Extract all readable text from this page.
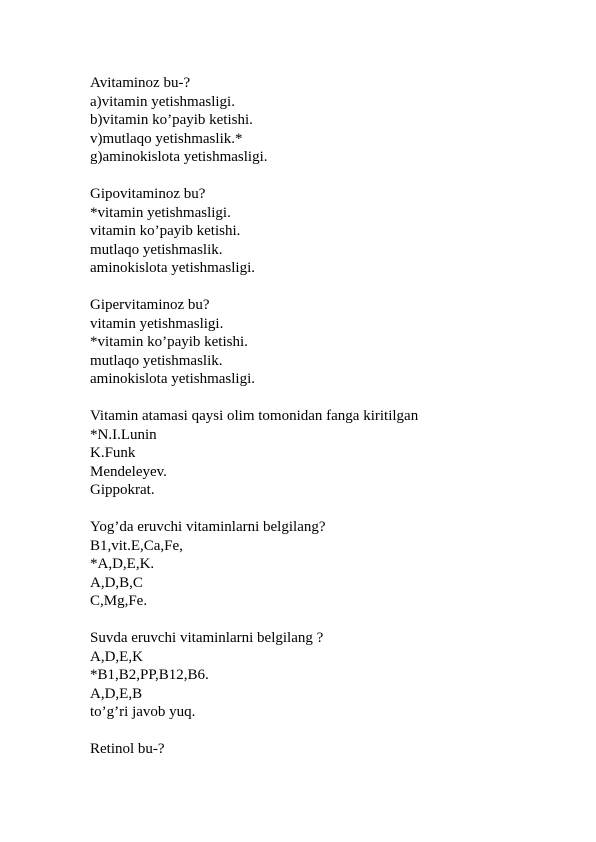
Avitaminoz bu-?
a)vitamin yetishmasligi.
b)vitamin ko’payib ketishi.
v)mutlaqo yetishmaslik.*
g)aminokislota yetishmasligi.
Gipovitaminoz bu?
*vitamin yetishmasligi.
vitamin ko’payib ketishi.
mutlaqo yetishmaslik.
aminokislota yetishmasligi.
Gipervitaminoz bu?
vitamin yetishmasligi.
*vitamin ko’payib ketishi.
mutlaqo yetishmaslik.
aminokislota yetishmasligi.
Vitamin atamasi qaysi olim tomonidan fanga kiritilgan
*N.I.Lunin
K.Funk
Mendeleyev.
Gippokrat.
Yog’da eruvchi vitaminlarni belgilang?
B1,vit.E,Ca,Fe,
*A,D,E,K.
A,D,B,C
C,Mg,Fe.
Suvda eruvchi vitaminlarni belgilang ?
A,D,E,K
*B1,B2,PP,B12,B6.
A,D,E,B
to’g’ri javob yuq.
Retinol bu-?
